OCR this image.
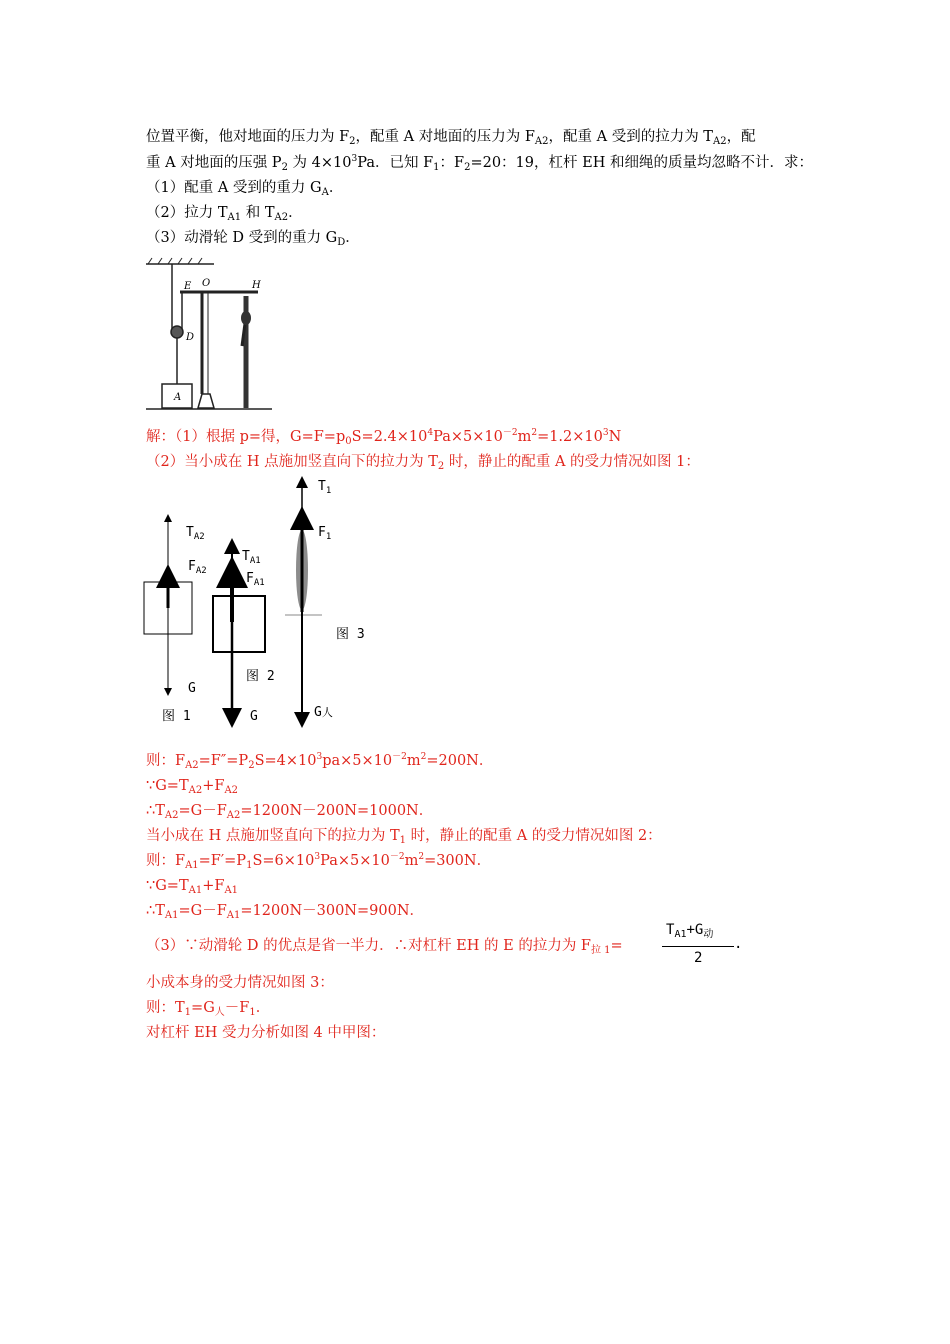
位置平衡，他对地面的压力为 $F_2$，配重 A 对地面的压力为 $F_{A2}$，配重 A 受到的拉力为 $T_{A2}$，配
重 A 对地面的压强 $P_2$ 为 $4\times 10^3Pa$．已知 $F_1$：$F_2=20$：19，杠杆 EH 和细绳的质量均忽略不计．求：
（1）配重 A 受到的重力 $G_A$．
（2）拉力 $T_{A1}$ 和 $T_{A2}$．
（3）动滑轮 D 受到的重力 $G_D$．
E O	H
D
A
解：（1）根据 p=得，$G=F=p_0S=2.4\times 10^4Pa\times 5\times 10^{-2}m^2=1.2\times 10^3N$
（2）当小成在 H 点施加竖直向下的拉力为 $T_2$ 时，静止的配重 A 的受力情况如图 1：
$T_{A2}$
$F_{A2}$
G
图 1
$T_{A1}$
$F_{A1}$
G
图 2
$T_1$
$F_1$
G人
图 3
则：$F_{A2}=F''=P_2S=4\times 10^3pa\times 5\times 10^{-2}m^2=200N$．
$\because G=T_{A2}+F_{A2}$
$\therefore T_{A2}=G-F_{A2}=1200N-200N=1000N$．
当小成在 H 点施加竖直向下的拉力为 $T_1$ 时，静止的配重 A 的受力情况如图 2：
则：$F_{A1}=F'=P_1S=6\times 10^3Pa\times 5\times 10^{-2}m^2=300N$．
$\because G=T_{A1}+F_{A1}$
$\therefore T_{A1}=G-F_{A1}=1200N-300N=900N$．
（3）∵动滑轮 D 的优点是省一半力．∴对杠杆 EH 的 E 的拉力为 $F_{拉 1}=$
$T_{A1}+G_动$
2
.
小成本身的受力情况如图 3：
则：$T_1=G_人-F_1$．
对杠杆 EH 受力分析如图 4 中甲图：
